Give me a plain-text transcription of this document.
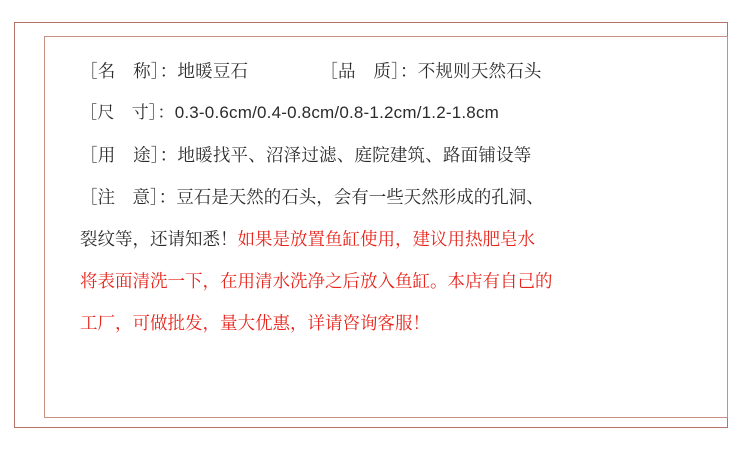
［名　称］：地暖豆石	［品　质］：不规则天然石头
［尺　寸］：0.3-0.6cm/0.4-0.8cm/0.8-1.2cm/1.2-1.8cm
［用　途］：地暖找平、沼泽过滤、庭院建筑、路面铺设等
［注　意］：豆石是天然的石头，会有一些天然形成的孔洞、
裂纹等，还请知悉！如果是放置鱼缸使用，建议用热肥皂水
将表面清洗一下，在用清水洗净之后放入鱼缸。本店有自己的
工厂，可做批发，量大优惠，详请咨询客服！
